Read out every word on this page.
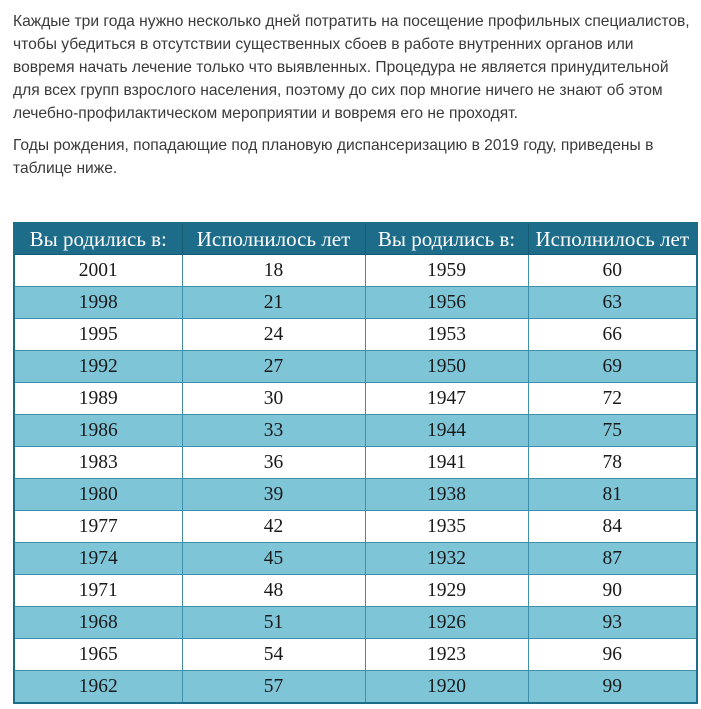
Каждые три года нужно несколько дней потратить на посещение профильных специалистов, чтобы убедиться в отсутствии существенных сбоев в работе внутренних органов или вовремя начать лечение только что выявленных. Процедура не является принудительной для всех групп взрослого населения, поэтому до сих пор многие ничего не знают об этом лечебно-профилактическом мероприятии и вовремя его не проходят.

Годы рождения, попадающие под плановую диспансеризацию в 2019 году, приведены в таблице ниже.

Вы родились в:	Исполнилось лет	Вы родились в:	Исполнилось лет
2001	18	1959	60
1998	21	1956	63
1995	24	1953	66
1992	27	1950	69
1989	30	1947	72
1986	33	1944	75
1983	36	1941	78
1980	39	1938	81
1977	42	1935	84
1974	45	1932	87
1971	48	1929	90
1968	51	1926	93
1965	54	1923	96
1962	57	1920	99
